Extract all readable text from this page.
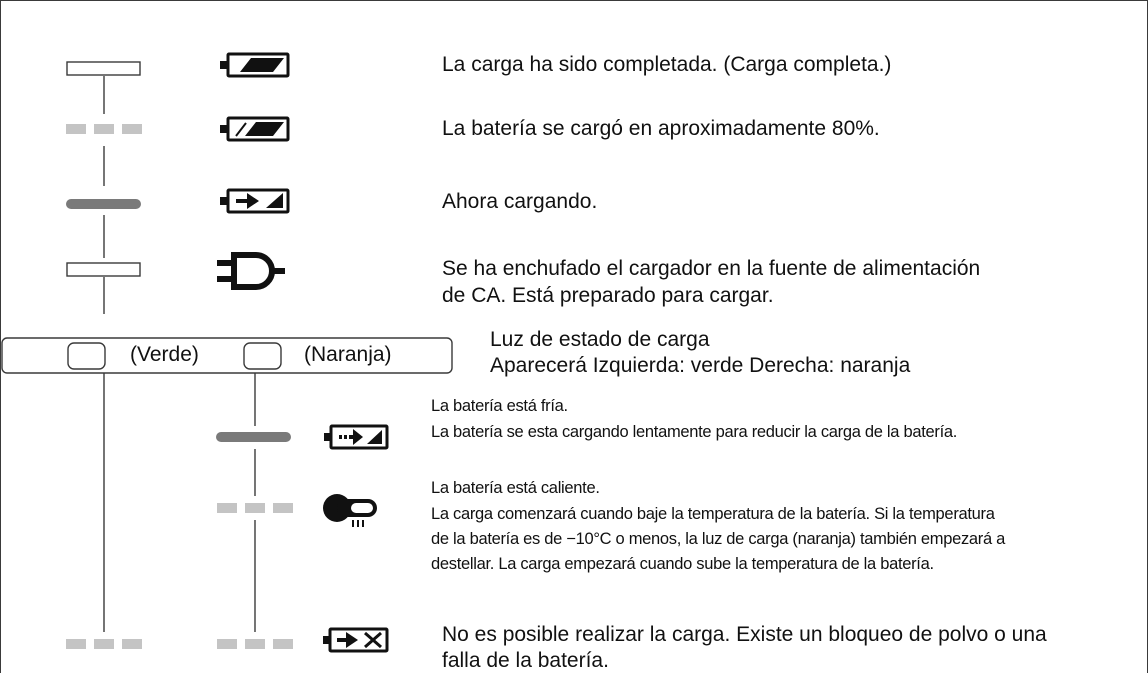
(Verde)	(Naranja)
Luz de estado de carga
Aparecerá Izquierda: verde Derecha: naranja
La carga ha sido completada. (Carga completa.)
La batería se cargó en aproximadamente 80%.
Ahora cargando.
Se ha enchufado el cargador en la fuente de alimentación
de CA. Está preparado para cargar.
La batería está fría.
La batería se esta cargando lentamente para reducir la carga de la batería.
La batería está caliente.
La carga comenzará cuando baje la temperatura de la batería. Si la temperatura
de la batería es de −10°C o menos, la luz de carga (naranja) también empezará a
destellar. La carga empezará cuando sube la temperatura de la batería.
No es posible realizar la carga. Existe un bloqueo de polvo o una
falla de la batería.
